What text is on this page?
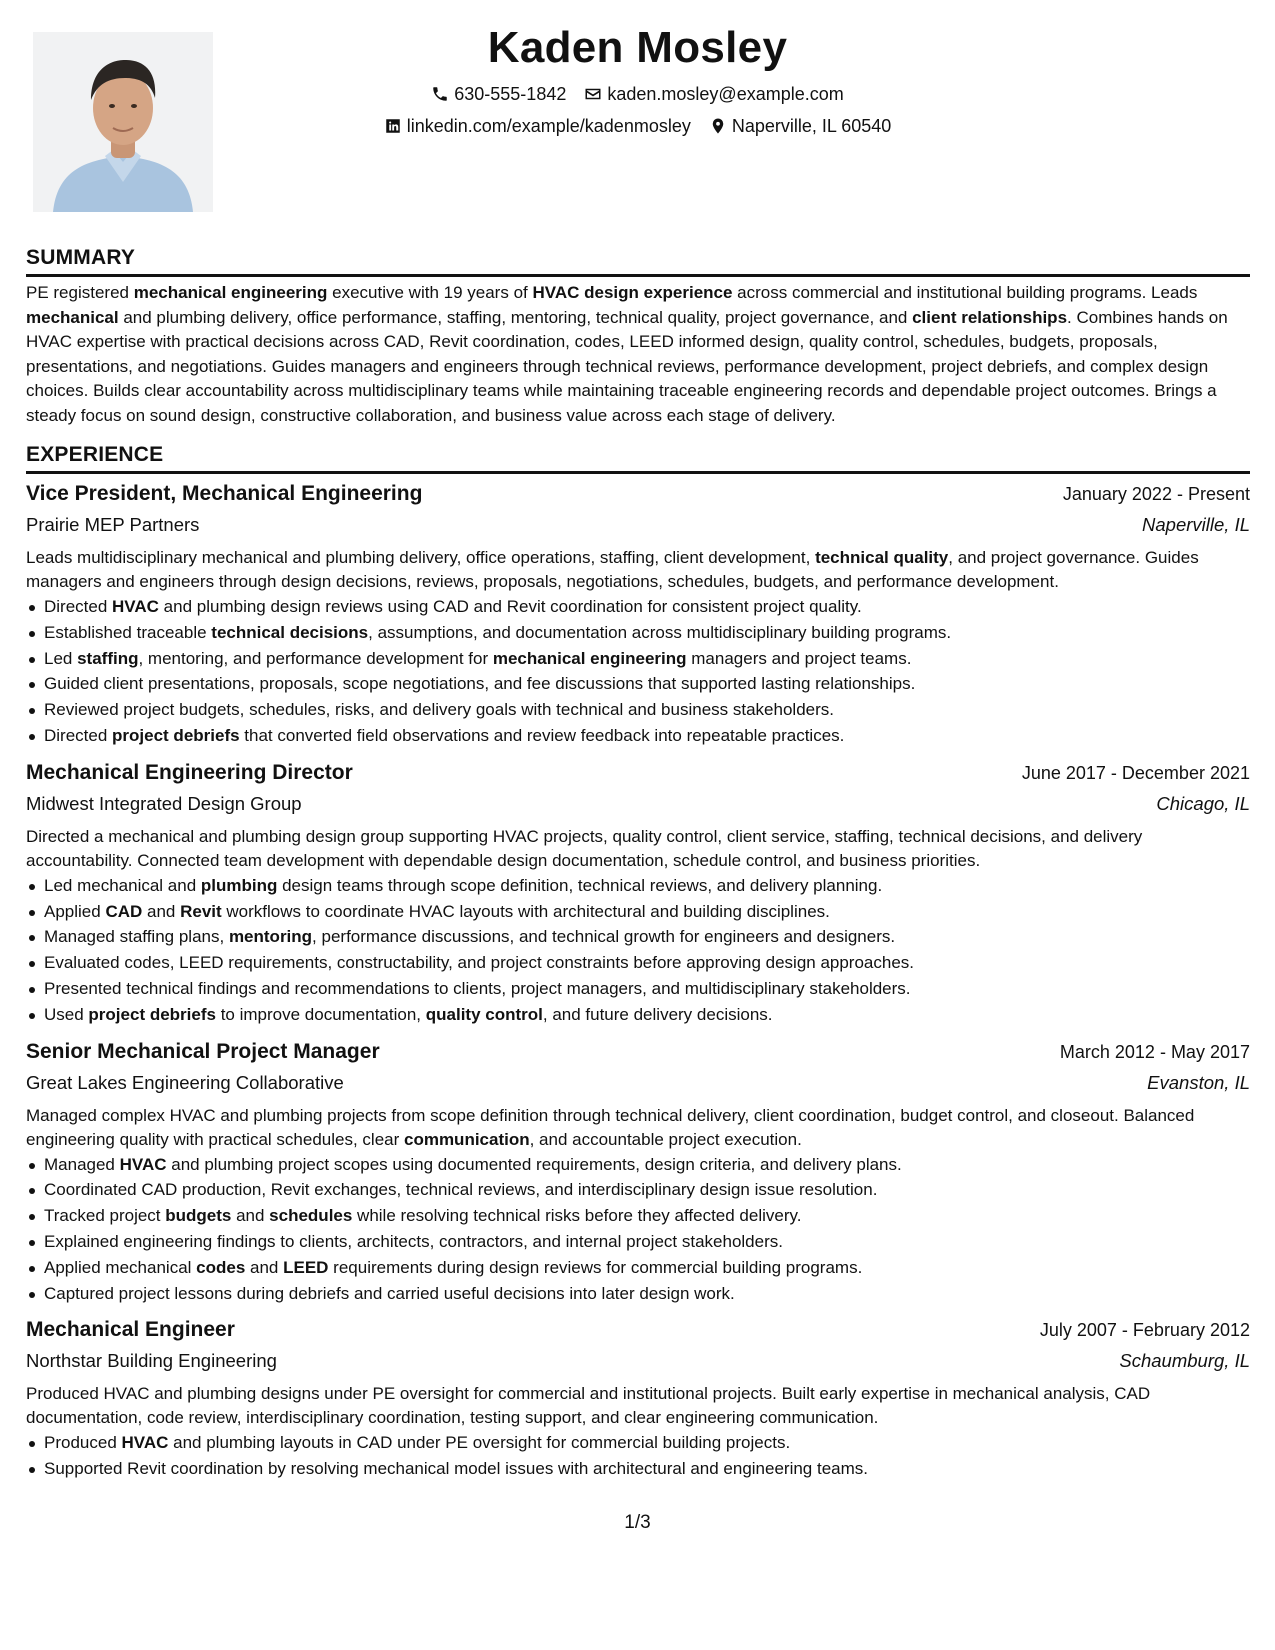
Kaden Mosley
630-555-1842 kaden.mosley@example.com
linkedin.com/example/kadenmosley Naperville, IL 60540
SUMMARY

PE registered mechanical engineering executive with 19 years of HVAC design experience across commercial and institutional building programs. Leads mechanical and plumbing delivery, office performance, staffing, mentoring, technical quality, project governance, and client relationships. Combines hands on HVAC expertise with practical decisions across CAD, Revit coordination, codes, LEED informed design, quality control, schedules, budgets, proposals, presentations, and negotiations. Guides managers and engineers through technical reviews, performance development, project debriefs, and complex design choices. Builds clear accountability across multidisciplinary teams while maintaining traceable engineering records and dependable project outcomes. Brings a steady focus on sound design, constructive collaboration, and business value across each stage of delivery.

EXPERIENCE
Vice President, Mechanical Engineering	January 2022 - Present
Prairie MEP Partners	Naperville, IL

Leads multidisciplinary mechanical and plumbing delivery, office operations, staffing, client development, technical quality, and project governance. Guides managers and engineers through design decisions, reviews, proposals, negotiations, schedules, budgets, and performance development.

Directed HVAC and plumbing design reviews using CAD and Revit coordination for consistent project quality.
Established traceable technical decisions, assumptions, and documentation across multidisciplinary building programs.
Led staffing, mentoring, and performance development for mechanical engineering managers and project teams.
Guided client presentations, proposals, scope negotiations, and fee discussions that supported lasting relationships.
Reviewed project budgets, schedules, risks, and delivery goals with technical and business stakeholders.
Directed project debriefs that converted field observations and review feedback into repeatable practices.
Mechanical Engineering Director	June 2017 - December 2021
Midwest Integrated Design Group	Chicago, IL

Directed a mechanical and plumbing design group supporting HVAC projects, quality control, client service, staffing, technical decisions, and delivery accountability. Connected team development with dependable design documentation, schedule control, and business priorities.

Led mechanical and plumbing design teams through scope definition, technical reviews, and delivery planning.
Applied CAD and Revit workflows to coordinate HVAC layouts with architectural and building disciplines.
Managed staffing plans, mentoring, performance discussions, and technical growth for engineers and designers.
Evaluated codes, LEED requirements, constructability, and project constraints before approving design approaches.
Presented technical findings and recommendations to clients, project managers, and multidisciplinary stakeholders.
Used project debriefs to improve documentation, quality control, and future delivery decisions.
Senior Mechanical Project Manager	March 2012 - May 2017
Great Lakes Engineering Collaborative	Evanston, IL

Managed complex HVAC and plumbing projects from scope definition through technical delivery, client coordination, budget control, and closeout. Balanced engineering quality with practical schedules, clear communication, and accountable project execution.

Managed HVAC and plumbing project scopes using documented requirements, design criteria, and delivery plans.
Coordinated CAD production, Revit exchanges, technical reviews, and interdisciplinary design issue resolution.
Tracked project budgets and schedules while resolving technical risks before they affected delivery.
Explained engineering findings to clients, architects, contractors, and internal project stakeholders.
Applied mechanical codes and LEED requirements during design reviews for commercial building programs.
Captured project lessons during debriefs and carried useful decisions into later design work.
Mechanical Engineer	July 2007 - February 2012
Northstar Building Engineering	Schaumburg, IL

Produced HVAC and plumbing designs under PE oversight for commercial and institutional projects. Built early expertise in mechanical analysis, CAD documentation, code review, interdisciplinary coordination, testing support, and clear engineering communication.

Produced HVAC and plumbing layouts in CAD under PE oversight for commercial building projects.
Supported Revit coordination by resolving mechanical model issues with architectural and engineering teams.
1/3
